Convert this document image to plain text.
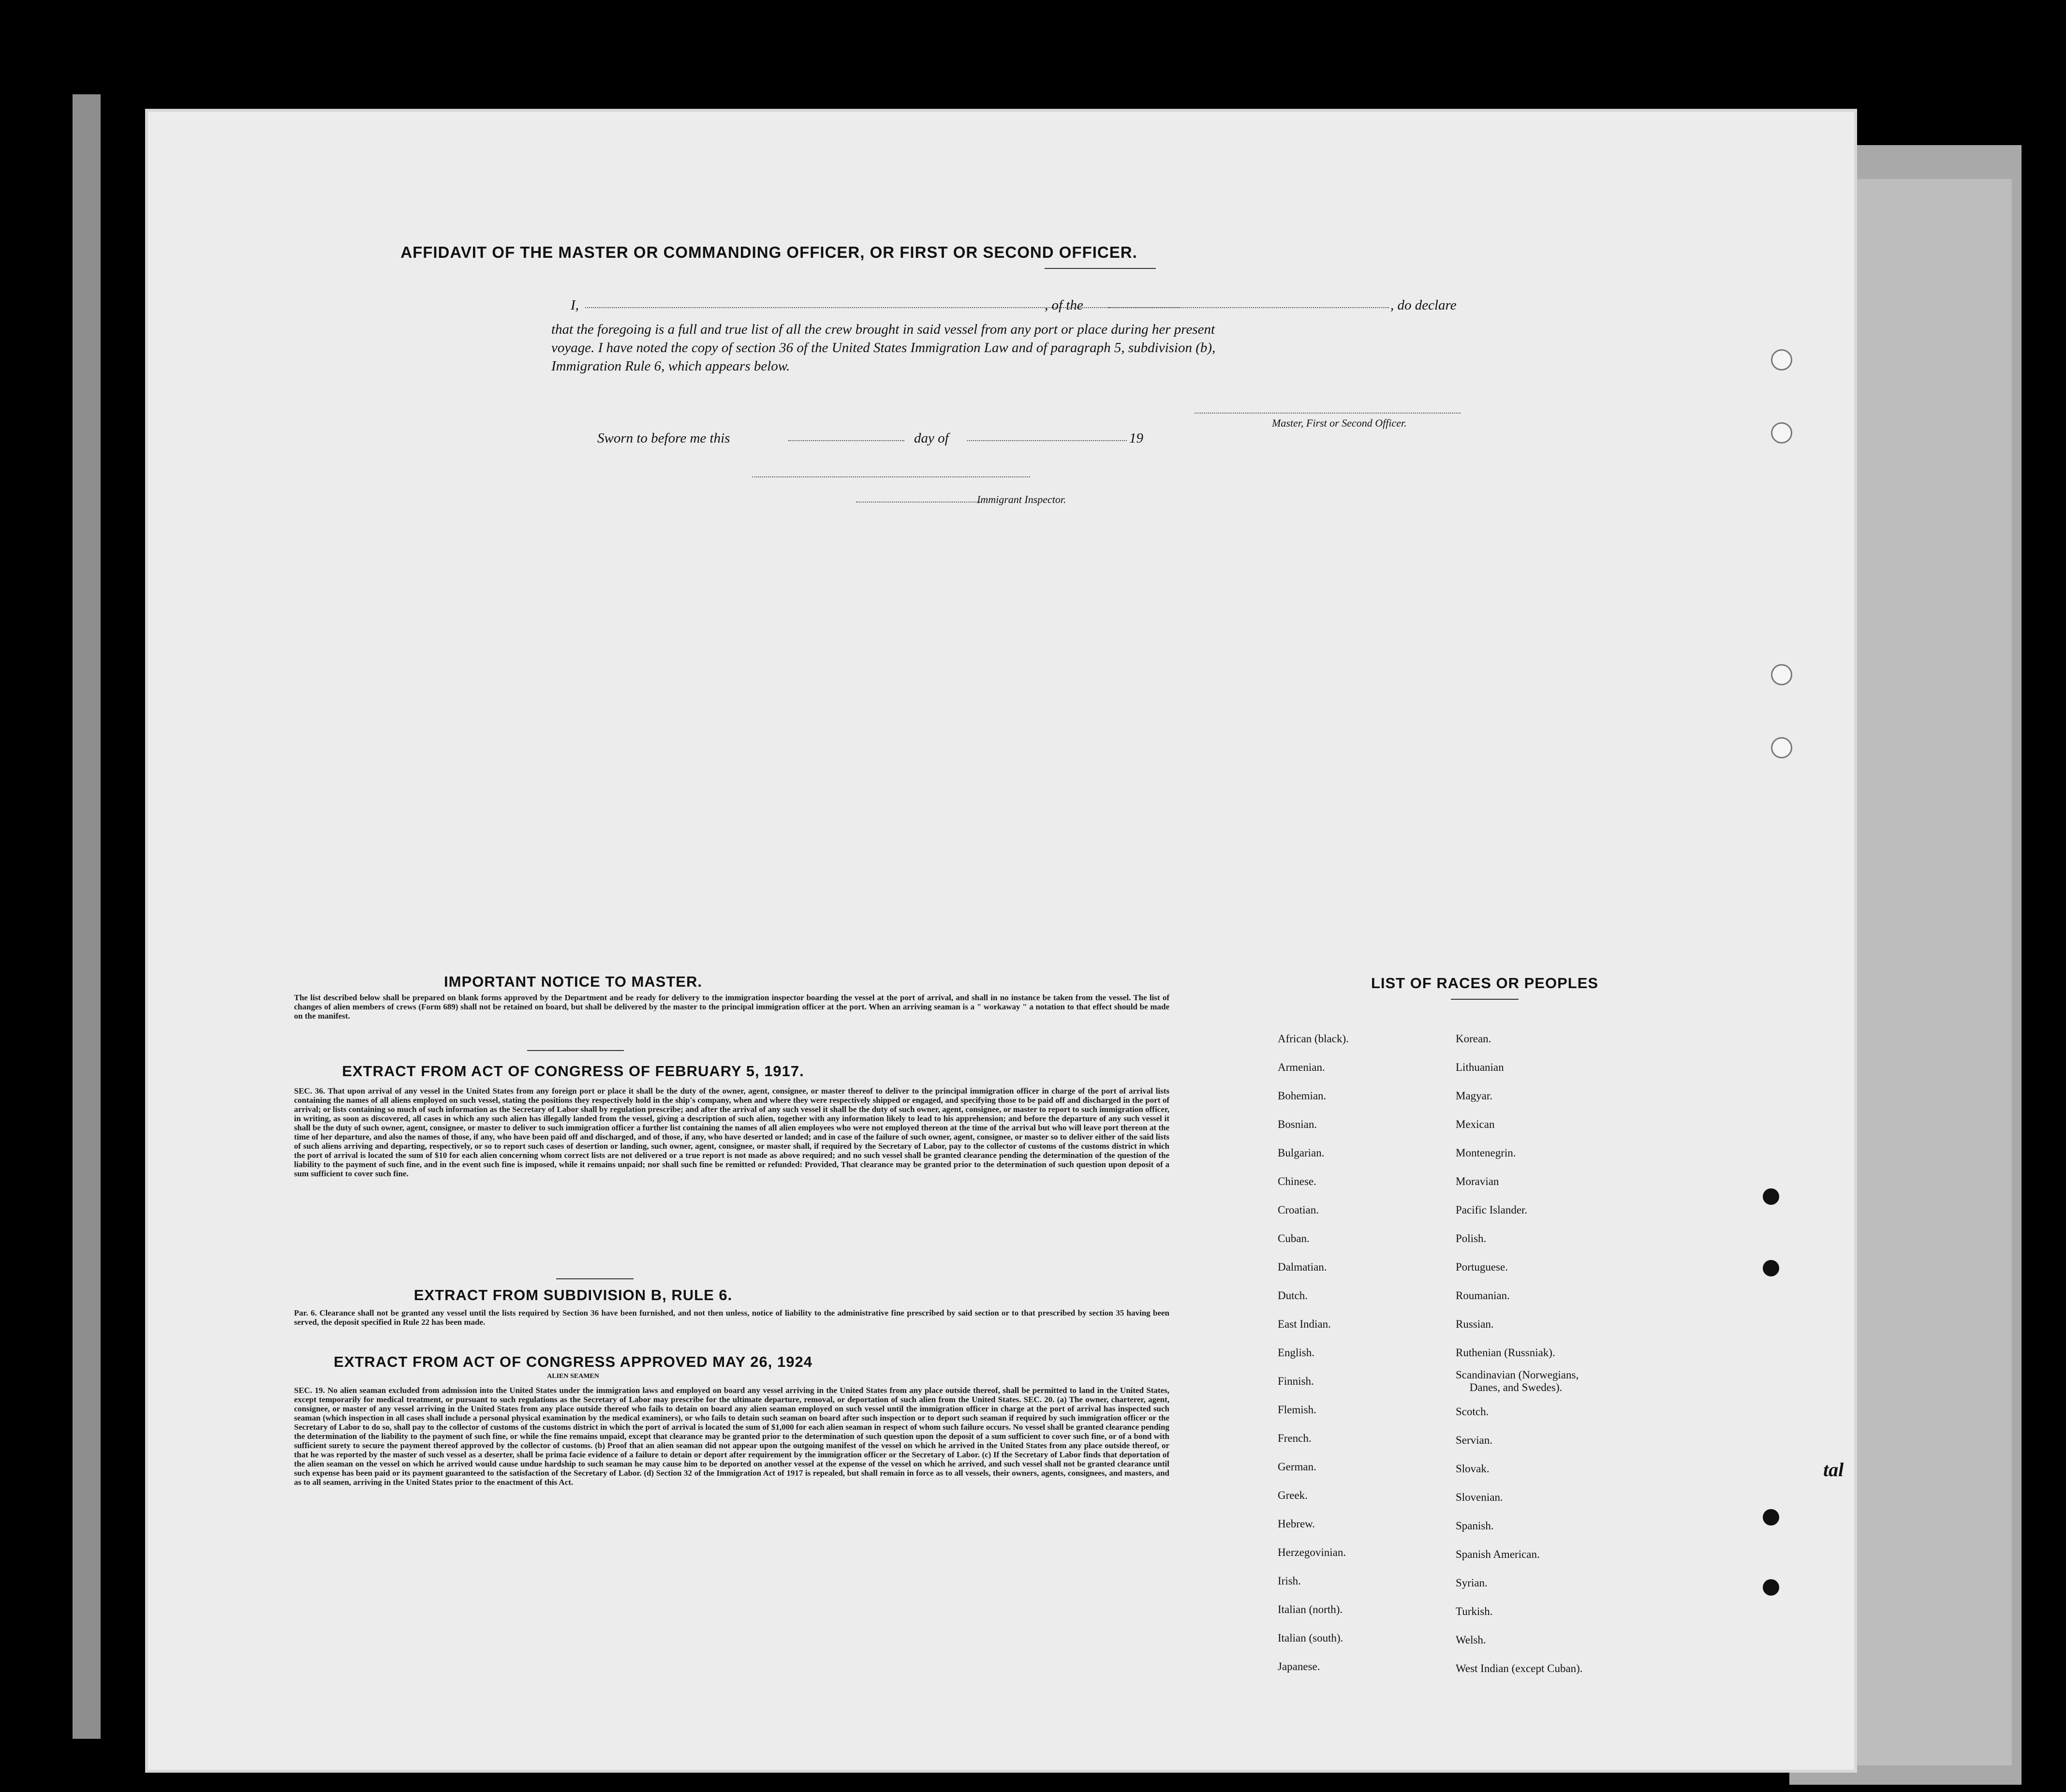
AFFIDAVIT OF THE MASTER OR COMMANDING OFFICER, OR FIRST OR SECOND OFFICER.
I,	, of the	, do declare
that the foregoing is a full and true list of all the crew brought in said vessel from any port or place during her present
voyage. I have noted the copy of section 36 of the United States Immigration Law and of paragraph 5, subdivision (b),
Immigration Rule 6, which appears below.
Master, First or Second Officer.
Sworn to before me this	day of	19
Immigrant Inspector.
IMPORTANT NOTICE TO MASTER.
The list described below shall be prepared on blank forms approved by the Department and be ready for delivery to the immigration inspector boarding the vessel at the port of arrival, and shall in no instance be taken from the vessel. The list of changes of alien members of crews (Form 689) shall not be retained on board, but shall be delivered by the master to the principal immigration officer at the port. When an arriving seaman is a " workaway " a notation to that effect should be made on the manifest.
EXTRACT FROM ACT OF CONGRESS OF FEBRUARY 5, 1917.
SEC. 36. That upon arrival of any vessel in the United States from any foreign port or place it shall be the duty of the owner, agent, consignee, or master thereof to deliver to the principal immigration officer in charge of the port of arrival lists containing the names of all aliens employed on such vessel, stating the positions they respectively hold in the ship's company, when and where they were respectively shipped or engaged, and specifying those to be paid off and discharged in the port of arrival; or lists containing so much of such information as the Secretary of Labor shall by regulation prescribe; and after the arrival of any such vessel it shall be the duty of such owner, agent, consignee, or master to report to such immigration officer, in writing, as soon as discovered, all cases in which any such alien has illegally landed from the vessel, giving a description of such alien, together with any information likely to lead to his apprehension; and before the departure of any such vessel it shall be the duty of such owner, agent, consignee, or master to deliver to such immigration officer a further list containing the names of all alien employees who were not employed thereon at the time of the arrival but who will leave port thereon at the time of her departure, and also the names of those, if any, who have been paid off and discharged, and of those, if any, who have deserted or landed; and in case of the failure of such owner, agent, consignee, or master so to deliver either of the said lists of such aliens arriving and departing, respectively, or so to report such cases of desertion or landing, such owner, agent, consignee, or master shall, if required by the Secretary of Labor, pay to the collector of customs of the customs district in which the port of arrival is located the sum of $10 for each alien concerning whom correct lists are not delivered or a true report is not made as above required; and no such vessel shall be granted clearance pending the determination of the question of the liability to the payment of such fine, and in the event such fine is imposed, while it remains unpaid; nor shall such fine be remitted or refunded: Provided, That clearance may be granted prior to the determination of such question upon deposit of a sum sufficient to cover such fine.
EXTRACT FROM SUBDIVISION B, RULE 6.
Par. 6. Clearance shall not be granted any vessel until the lists required by Section 36 have been furnished, and not then unless, notice of liability to the administrative fine prescribed by said section or to that prescribed by section 35 having been served, the deposit specified in Rule 22 has been made.
EXTRACT FROM ACT OF CONGRESS APPROVED MAY 26, 1924
ALIEN SEAMEN
SEC. 19. No alien seaman excluded from admission into the United States under the immigration laws and employed on board any vessel arriving in the United States from any place outside thereof, shall be permitted to land in the United States, except temporarily for medical treatment, or pursuant to such regulations as the Secretary of Labor may prescribe for the ultimate departure, removal, or deportation of such alien from the United States. SEC. 20. (a) The owner, charterer, agent, consignee, or master of any vessel arriving in the United States from any place outside thereof who fails to detain on board any alien seaman employed on such vessel until the immigration officer in charge at the port of arrival has inspected such seaman (which inspection in all cases shall include a personal physical examination by the medical examiners), or who fails to detain such seaman on board after such inspection or to deport such seaman if required by such immigration officer or the Secretary of Labor to do so, shall pay to the collector of customs of the customs district in which the port of arrival is located the sum of $1,000 for each alien seaman in respect of whom such failure occurs. No vessel shall be granted clearance pending the determination of the liability to the payment of such fine, or while the fine remains unpaid, except that clearance may be granted prior to the determination of such question upon the deposit of a sum sufficient to cover such fine, or of a bond with sufficient surety to secure the payment thereof approved by the collector of customs. (b) Proof that an alien seaman did not appear upon the outgoing manifest of the vessel on which he arrived in the United States from any place outside thereof, or that he was reported by the master of such vessel as a deserter, shall be prima facie evidence of a failure to detain or deport after requirement by the immigration officer or the Secretary of Labor. (c) If the Secretary of Labor finds that deportation of the alien seaman on the vessel on which he arrived would cause undue hardship to such seaman he may cause him to be deported on another vessel at the expense of the vessel on which he arrived, and such vessel shall not be granted clearance until such expense has been paid or its payment guaranteed to the satisfaction of the Secretary of Labor. (d) Section 32 of the Immigration Act of 1917 is repealed, but shall remain in force as to all vessels, their owners, agents, consignees, and masters, and as to all seamen, arriving in the United States prior to the enactment of this Act.
LIST OF RACES OR PEOPLES
African (black).
Armenian.
Bohemian.
Bosnian.
Bulgarian.
Chinese.
Croatian.
Cuban.
Dalmatian.
Dutch.
East Indian.
English.
Finnish.
Flemish.
French.
German.
Greek.
Hebrew.
Herzegovinian.
Irish.
Italian (north).
Italian (south).
Japanese.
Korean.
Lithuanian
Magyar.
Mexican
Montenegrin.
Moravian
Pacific Islander.
Polish.
Portuguese.
Roumanian.
Russian.
Ruthenian (Russniak).
Scandinavian (Norwegians,
Danes, and Swedes).
Scotch.
Servian.
Slovak.
Slovenian.
Spanish.
Spanish American.
Syrian.
Turkish.
Welsh.
West Indian (except Cuban).
tal
